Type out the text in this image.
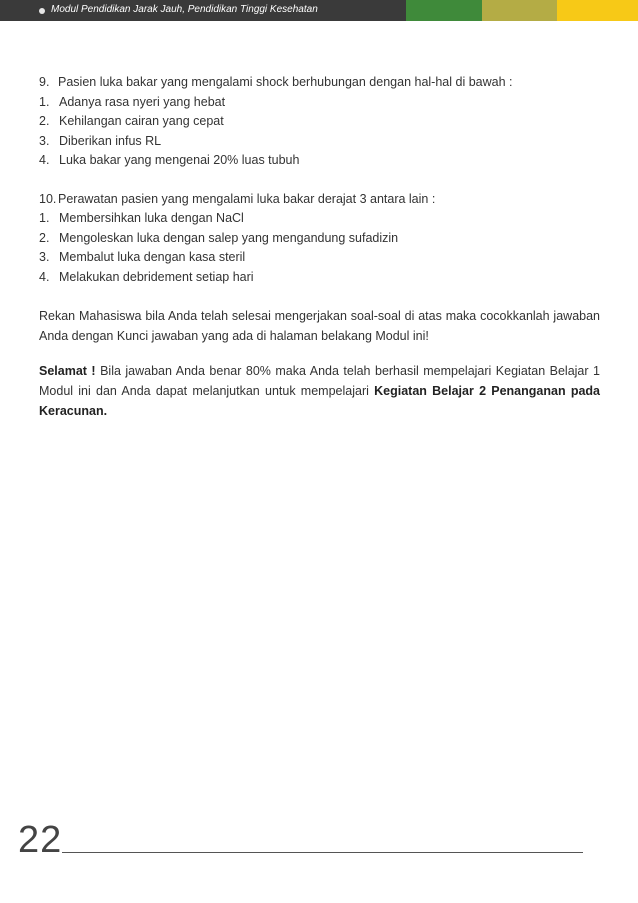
Modul Pendidikan Jarak Jauh, Pendidikan Tinggi Kesehatan
9. Pasien luka bakar yang mengalami shock berhubungan dengan hal-hal di bawah :
1. Adanya rasa nyeri yang hebat
2. Kehilangan cairan yang cepat
3. Diberikan infus RL
4. Luka bakar yang mengenai 20% luas tubuh
10. Perawatan pasien yang mengalami luka bakar derajat 3 antara lain :
1. Membersihkan luka dengan NaCl
2. Mengoleskan luka dengan salep yang mengandung sufadizin
3. Membalut luka dengan kasa steril
4. Melakukan debridement setiap hari

Rekan Mahasiswa bila Anda telah selesai mengerjakan soal-soal di atas maka cocokkanlah jawaban Anda dengan Kunci jawaban yang ada di halaman belakang Modul ini!

Selamat ! Bila jawaban Anda benar 80% maka Anda telah berhasil mempelajari Kegiatan Belajar 1 Modul ini dan Anda dapat melanjutkan untuk mempelajari Kegiatan Belajar 2 Penanganan pada Keracunan.

22
